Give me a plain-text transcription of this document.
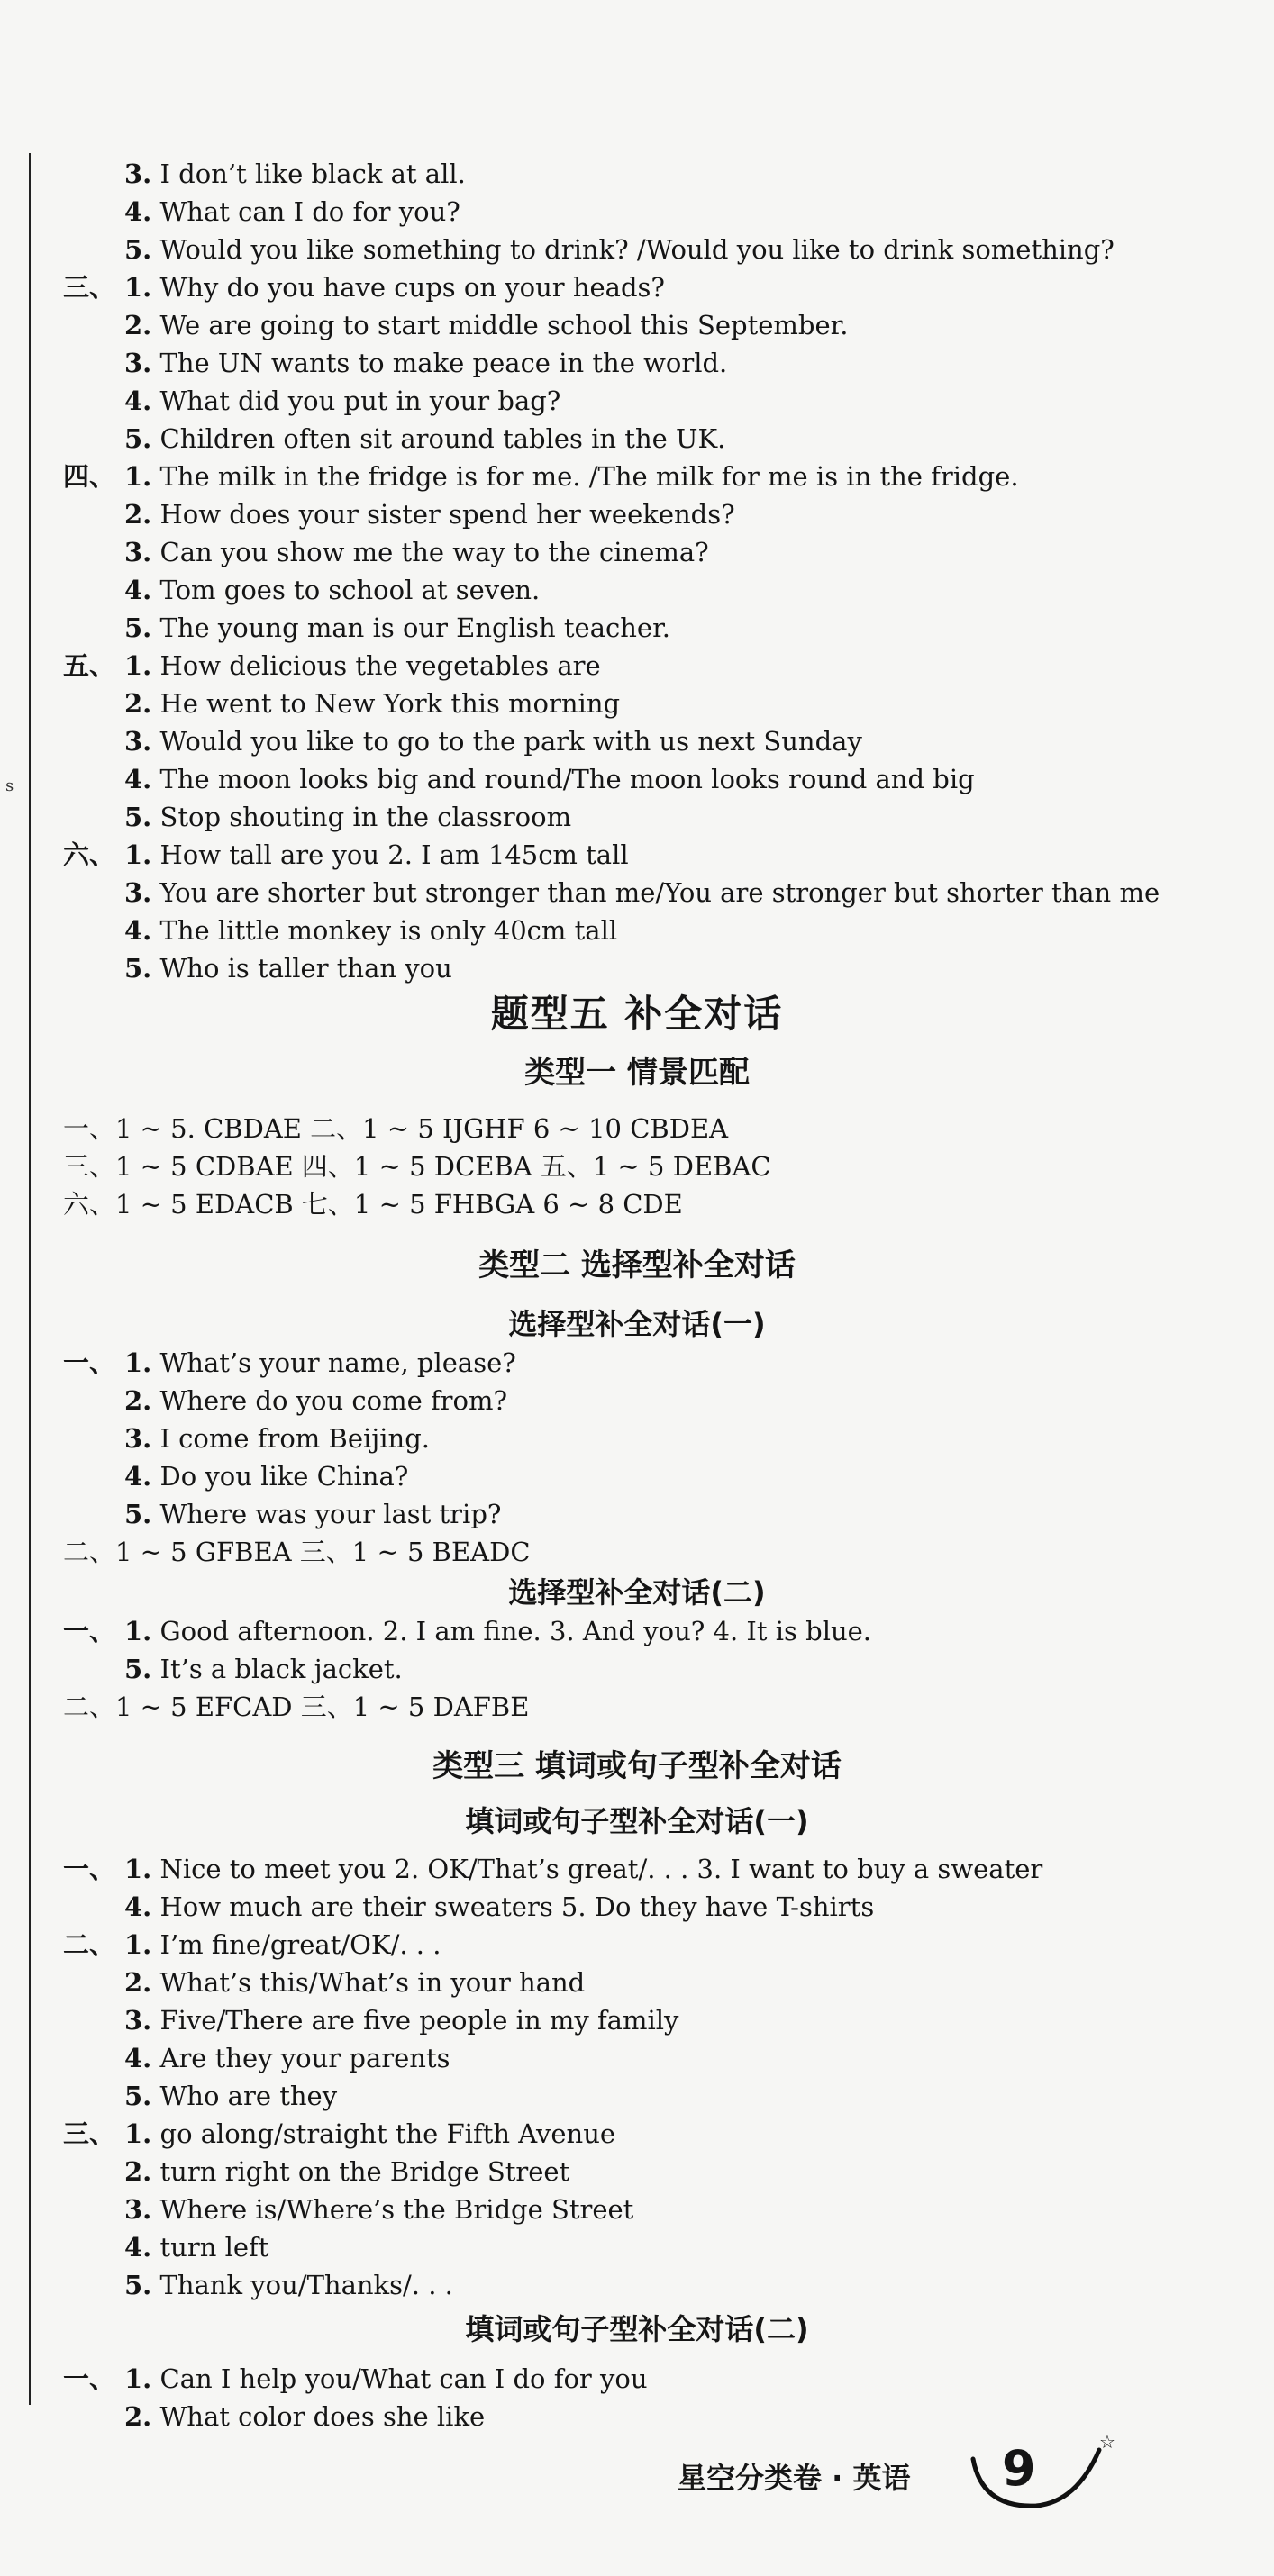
s
3. I don’t like black at all.
4. What can I do for you?
5. Would you like something to drink? /Would you like to drink something?
三、 1. Why do you have cups on your heads?
2. We are going to start middle school this September.
3. The UN wants to make peace in the world.
4. What did you put in your bag?
5. Children often sit around tables in the UK.
四、 1. The milk in the fridge is for me. /The milk for me is in the fridge.
2. How does your sister spend her weekends?
3. Can you show me the way to the cinema?
4. Tom goes to school at seven.
5. The young man is our English teacher.
五、 1. How delicious the vegetables are
2. He went to New York this morning
3. Would you like to go to the park with us next Sunday
4. The moon looks big and round/The moon looks round and big
5. Stop shouting in the classroom
六、 1. How tall are you 2. I am 145cm tall
3. You are shorter but stronger than me/You are stronger but shorter than me
4. The little monkey is only 40cm tall
5. Who is taller than you
题型五 补全对话
类型一 情景匹配
一、1 ~ 5. CBDAE 二、1 ~ 5 IJGHF 6 ~ 10 CBDEA
三、1 ~ 5 CDBAE 四、1 ~ 5 DCEBA 五、1 ~ 5 DEBAC
六、1 ~ 5 EDACB 七、1 ~ 5 FHBGA 6 ~ 8 CDE
类型二 选择型补全对话
选择型补全对话(一)
一、 1. What’s your name, please?
2. Where do you come from?
3. I come from Beijing.
4. Do you like China?
5. Where was your last trip?
二、1 ~ 5 GFBEA 三、1 ~ 5 BEADC
选择型补全对话(二)
一、 1. Good afternoon. 2. I am fine. 3. And you? 4. It is blue.
5. It’s a black jacket.
二、1 ~ 5 EFCAD 三、1 ~ 5 DAFBE
类型三 填词或句子型补全对话
填词或句子型补全对话(一)
一、 1. Nice to meet you 2. OK/That’s great/. . . 3. I want to buy a sweater
4. How much are their sweaters 5. Do they have T-shirts
二、 1. I’m fine/great/OK/. . .
2. What’s this/What’s in your hand
3. Five/There are five people in my family
4. Are they your parents
5. Who are they
三、 1. go along/straight the Fifth Avenue
2. turn right on the Bridge Street
3. Where is/Where’s the Bridge Street
4. turn left
5. Thank you/Thanks/. . .
填词或句子型补全对话(二)
一、 1. Can I help you/What can I do for you
2. What color does she like
星空分类卷 · 英语
☆
9
